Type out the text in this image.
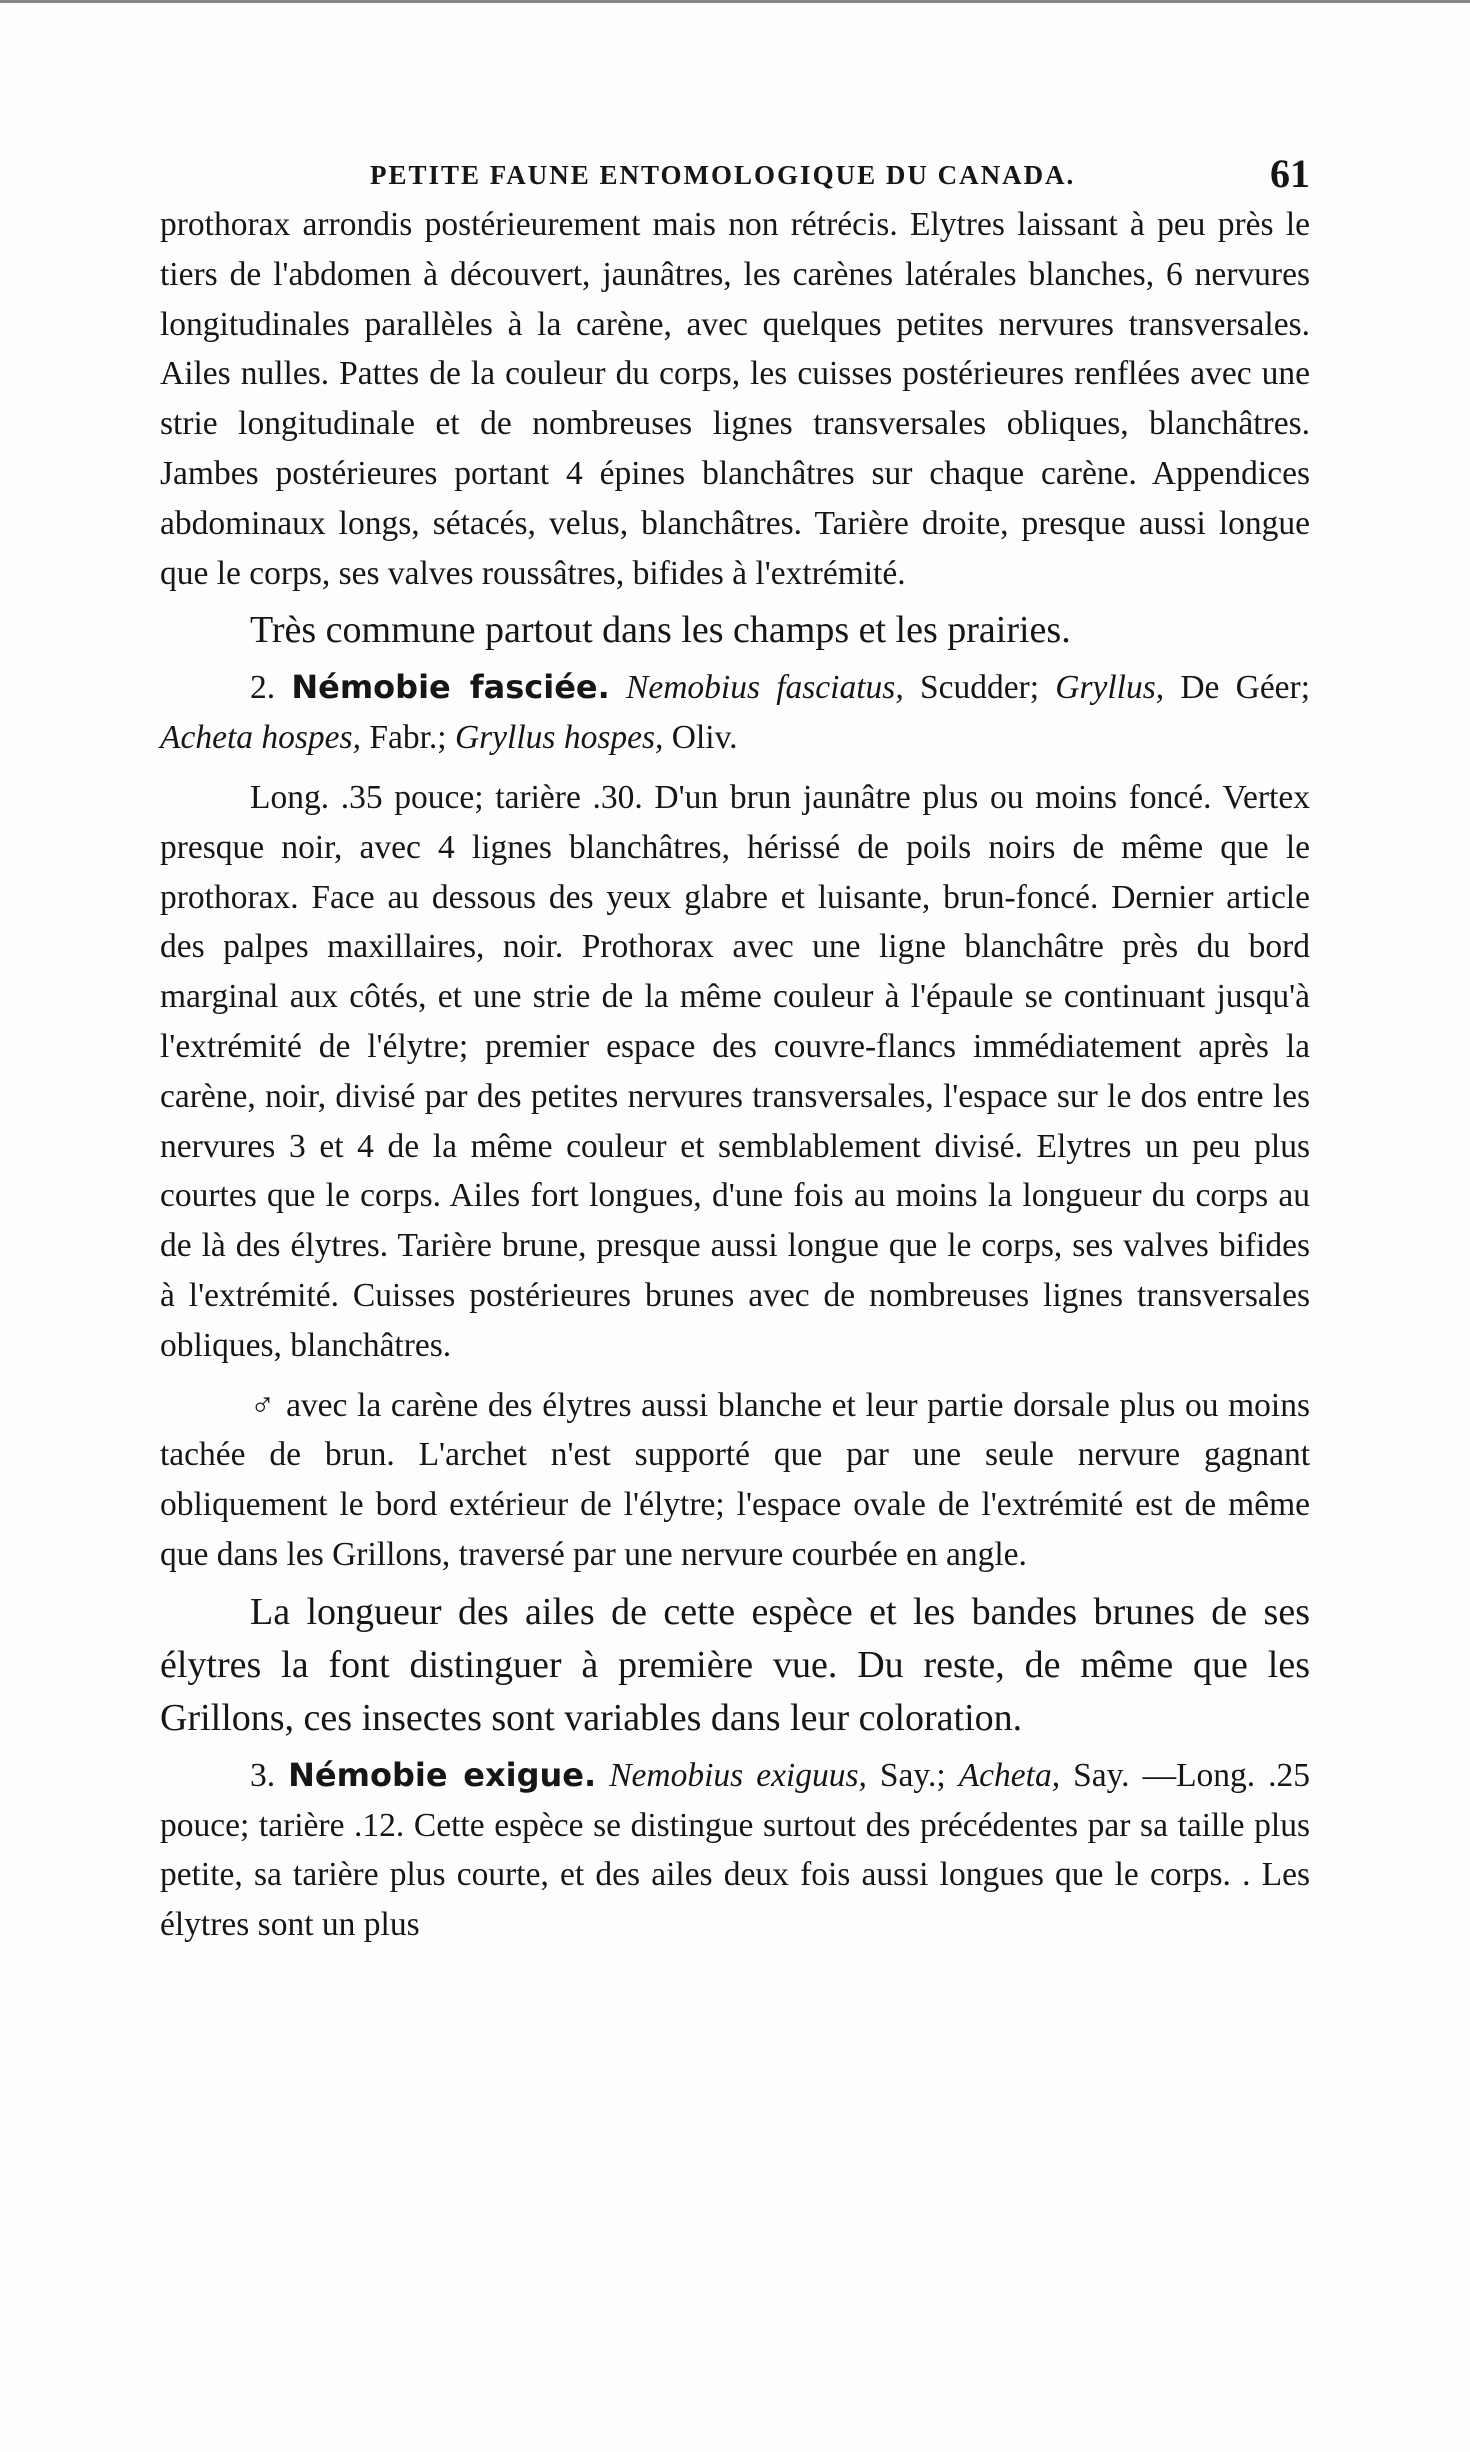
PETITE FAUNE ENTOMOLOGIQUE DU CANADA.	61

prothorax arrondis postérieurement mais non rétrécis. Elytres laissant à peu près le tiers de l'abdomen à découvert, jaunâtres, les carènes latérales blanches, 6 nervures longitudinales parallèles à la carène, avec quelques petites nervures transversales. Ailes nulles. Pattes de la couleur du corps, les cuisses postérieures renflées avec une strie longitudinale et de nombreuses lignes transversales obliques, blanchâtres. Jambes postérieures portant 4 épines blanchâtres sur chaque carène. Appendices abdominaux longs, sétacés, velus, blanchâtres. Tarière droite, presque aussi longue que le corps, ses valves roussâtres, bifides à l'extrémité.

Très commune partout dans les champs et les prairies.

2. Némobie fasciée. Nemobius fasciatus, Scudder; Gryllus, De Géer; Acheta hospes, Fabr.; Gryllus hospes, Oliv.

Long. .35 pouce; tarière .30. D'un brun jaunâtre plus ou moins foncé. Vertex presque noir, avec 4 lignes blanchâtres, hérissé de poils noirs de même que le prothorax. Face au dessous des yeux glabre et luisante, brun-foncé. Dernier article des palpes maxillaires, noir. Prothorax avec une ligne blanchâtre près du bord marginal aux côtés, et une strie de la même couleur à l'épaule se continuant jusqu'à l'extrémité de l'élytre; premier espace des couvre-flancs immédiatement après la carène, noir, divisé par des petites nervures transversales, l'espace sur le dos entre les nervures 3 et 4 de la même couleur et semblablement divisé. Elytres un peu plus courtes que le corps. Ailes fort longues, d'une fois au moins la longueur du corps au de là des élytres. Tarière brune, presque aussi longue que le corps, ses valves bifides à l'extrémité. Cuisses postérieures brunes avec de nombreuses lignes transversales obliques, blanchâtres.

♂ avec la carène des élytres aussi blanche et leur partie dorsale plus ou moins tachée de brun. L'archet n'est supporté que par une seule nervure gagnant obliquement le bord extérieur de l'élytre; l'espace ovale de l'extrémité est de même que dans les Grillons, traversé par une nervure courbée en angle.

La longueur des ailes de cette espèce et les bandes brunes de ses élytres la font distinguer à première vue. Du reste, de même que les Grillons, ces insectes sont variables dans leur coloration.

3. Némobie exigue. Nemobius exiguus, Say.; Acheta, Say. —Long. .25 pouce; tarière .12. Cette espèce se distingue surtout des précédentes par sa taille plus petite, sa tarière plus courte, et des ailes deux fois aussi longues que le corps. . Les élytres sont un plus
